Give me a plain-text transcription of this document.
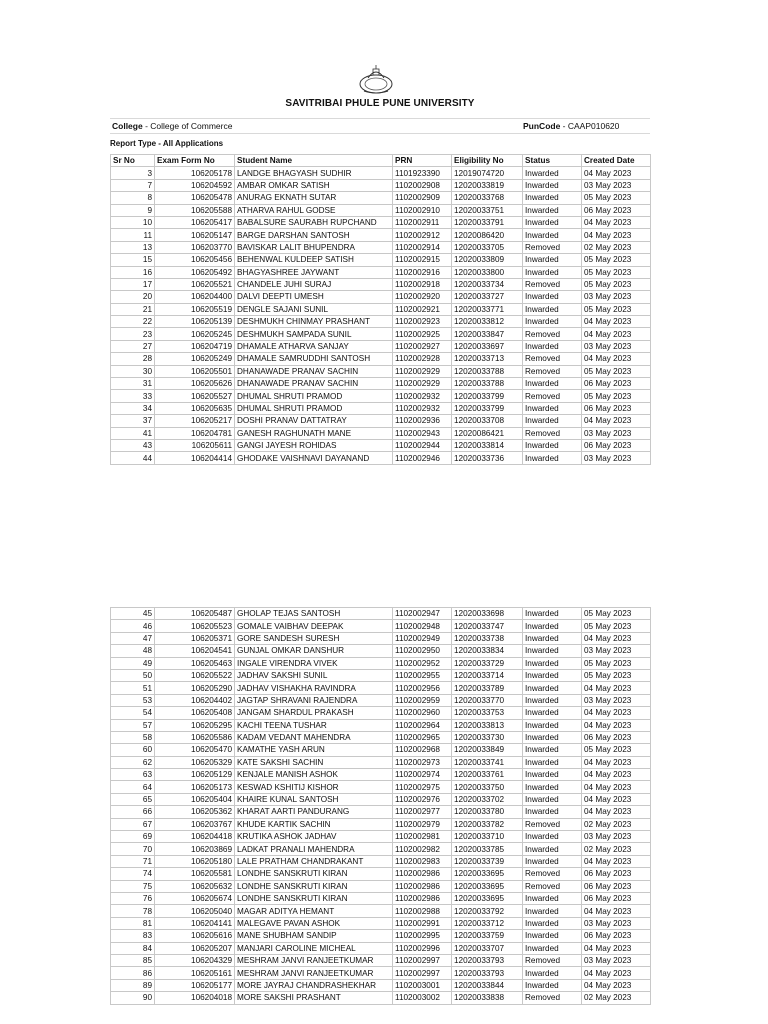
SAVITRIBAI PHULE PUNE UNIVERSITY
College - College of Commerce	PunCode - CAAP010620
Report Type - All Applications
Sr No	Exam Form No	Student Name	PRN	Eligibility No	Status	Created Date
3	106205178	LANDGE BHAGYASH SUDHIR	1101923390	12019074720	Inwarded	04 May 2023
7	106204592	AMBAR OMKAR SATISH	1102002908	12020033819	Inwarded	03 May 2023
8	106205478	ANURAG EKNATH SUTAR	1102002909	12020033768	Inwarded	05 May 2023
9	106205588	ATHARVA RAHUL GODSE	1102002910	12020033751	Inwarded	06 May 2023
10	106205417	BABALSURE SAURABH RUPCHAND	1102002911	12020033791	Inwarded	04 May 2023
11	106205147	BARGE DARSHAN SANTOSH	1102002912	12020086420	Inwarded	04 May 2023
13	106203770	BAVISKAR LALIT BHUPENDRA	1102002914	12020033705	Removed	02 May 2023
15	106205456	BEHENWAL KULDEEP SATISH	1102002915	12020033809	Inwarded	05 May 2023
16	106205492	BHAGYASHREE JAYWANT	1102002916	12020033800	Inwarded	05 May 2023
17	106205521	CHANDELE JUHI SURAJ	1102002918	12020033734	Removed	05 May 2023
20	106204400	DALVI DEEPTI UMESH	1102002920	12020033727	Inwarded	03 May 2023
21	106205519	DENGLE SAJANI SUNIL	1102002921	12020033771	Inwarded	05 May 2023
22	106205139	DESHMUKH CHINMAY PRASHANT	1102002923	12020033812	Inwarded	04 May 2023
23	106205245	DESHMUKH SAMPADA SUNIL	1102002925	12020033847	Removed	04 May 2023
27	106204719	DHAMALE ATHARVA SANJAY	1102002927	12020033697	Inwarded	03 May 2023
28	106205249	DHAMALE SAMRUDDHI SANTOSH	1102002928	12020033713	Removed	04 May 2023
30	106205501	DHANAWADE PRANAV SACHIN	1102002929	12020033788	Removed	05 May 2023
31	106205626	DHANAWADE PRANAV SACHIN	1102002929	12020033788	Inwarded	06 May 2023
33	106205527	DHUMAL SHRUTI PRAMOD	1102002932	12020033799	Removed	05 May 2023
34	106205635	DHUMAL SHRUTI PRAMOD	1102002932	12020033799	Inwarded	06 May 2023
37	106205217	DOSHI PRANAV DATTATRAY	1102002936	12020033708	Inwarded	04 May 2023
41	106204781	GANESH RAGHUNATH MANE	1102002943	12020086421	Removed	03 May 2023
43	106205611	GANGI JAYESH ROHIDAS	1102002944	12020033814	Inwarded	06 May 2023
44	106204414	GHODAKE VAISHNAVI DAYANAND	1102002946	12020033736	Inwarded	03 May 2023
45	106205487	GHOLAP TEJAS SANTOSH	1102002947	12020033698	Inwarded	05 May 2023
46	106205523	GOMALE VAIBHAV DEEPAK	1102002948	12020033747	Inwarded	05 May 2023
47	106205371	GORE SANDESH SURESH	1102002949	12020033738	Inwarded	04 May 2023
48	106204541	GUNJAL OMKAR DANSHUR	1102002950	12020033834	Inwarded	03 May 2023
49	106205463	INGALE VIRENDRA VIVEK	1102002952	12020033729	Inwarded	05 May 2023
50	106205522	JADHAV SAKSHI SUNIL	1102002955	12020033714	Inwarded	05 May 2023
51	106205290	JADHAV VISHAKHA RAVINDRA	1102002956	12020033789	Inwarded	04 May 2023
53	106204402	JAGTAP SHRAVANI RAJENDRA	1102002959	12020033770	Inwarded	03 May 2023
54	106205408	JANGAM SHARDUL PRAKASH	1102002960	12020033753	Inwarded	04 May 2023
57	106205295	KACHI TEENA TUSHAR	1102002964	12020033813	Inwarded	04 May 2023
58	106205586	KADAM VEDANT MAHENDRA	1102002965	12020033730	Inwarded	06 May 2023
60	106205470	KAMATHE YASH ARUN	1102002968	12020033849	Inwarded	05 May 2023
62	106205329	KATE SAKSHI SACHIN	1102002973	12020033741	Inwarded	04 May 2023
63	106205129	KENJALE MANISH ASHOK	1102002974	12020033761	Inwarded	04 May 2023
64	106205173	KESWAD KSHITIJ KISHOR	1102002975	12020033750	Inwarded	04 May 2023
65	106205404	KHAIRE KUNAL SANTOSH	1102002976	12020033702	Inwarded	04 May 2023
66	106205362	KHARAT AARTI PANDURANG	1102002977	12020033780	Inwarded	04 May 2023
67	106203767	KHUDE KARTIK SACHIN	1102002979	12020033782	Removed	02 May 2023
69	106204418	KRUTIKA ASHOK JADHAV	1102002981	12020033710	Inwarded	03 May 2023
70	106203869	LADKAT PRANALI MAHENDRA	1102002982	12020033785	Inwarded	02 May 2023
71	106205180	LALE PRATHAM CHANDRAKANT	1102002983	12020033739	Inwarded	04 May 2023
74	106205581	LONDHE SANSKRUTI KIRAN	1102002986	12020033695	Removed	06 May 2023
75	106205632	LONDHE SANSKRUTI KIRAN	1102002986	12020033695	Removed	06 May 2023
76	106205674	LONDHE SANSKRUTI KIRAN	1102002986	12020033695	Inwarded	06 May 2023
78	106205040	MAGAR ADITYA HEMANT	1102002988	12020033792	Inwarded	04 May 2023
81	106204141	MALEGAVE PAVAN ASHOK	1102002991	12020033712	Inwarded	03 May 2023
83	106205616	MANE SHUBHAM SANDIP	1102002995	12020033759	Inwarded	06 May 2023
84	106205207	MANJARI CAROLINE MICHEAL	1102002996	12020033707	Inwarded	04 May 2023
85	106204329	MESHRAM JANVI RANJEETKUMAR	1102002997	12020033793	Removed	03 May 2023
86	106205161	MESHRAM JANVI RANJEETKUMAR	1102002997	12020033793	Inwarded	04 May 2023
89	106205177	MORE JAYRAJ CHANDRASHEKHAR	1102003001	12020033844	Inwarded	04 May 2023
90	106204018	MORE SAKSHI PRASHANT	1102003002	12020033838	Removed	02 May 2023
